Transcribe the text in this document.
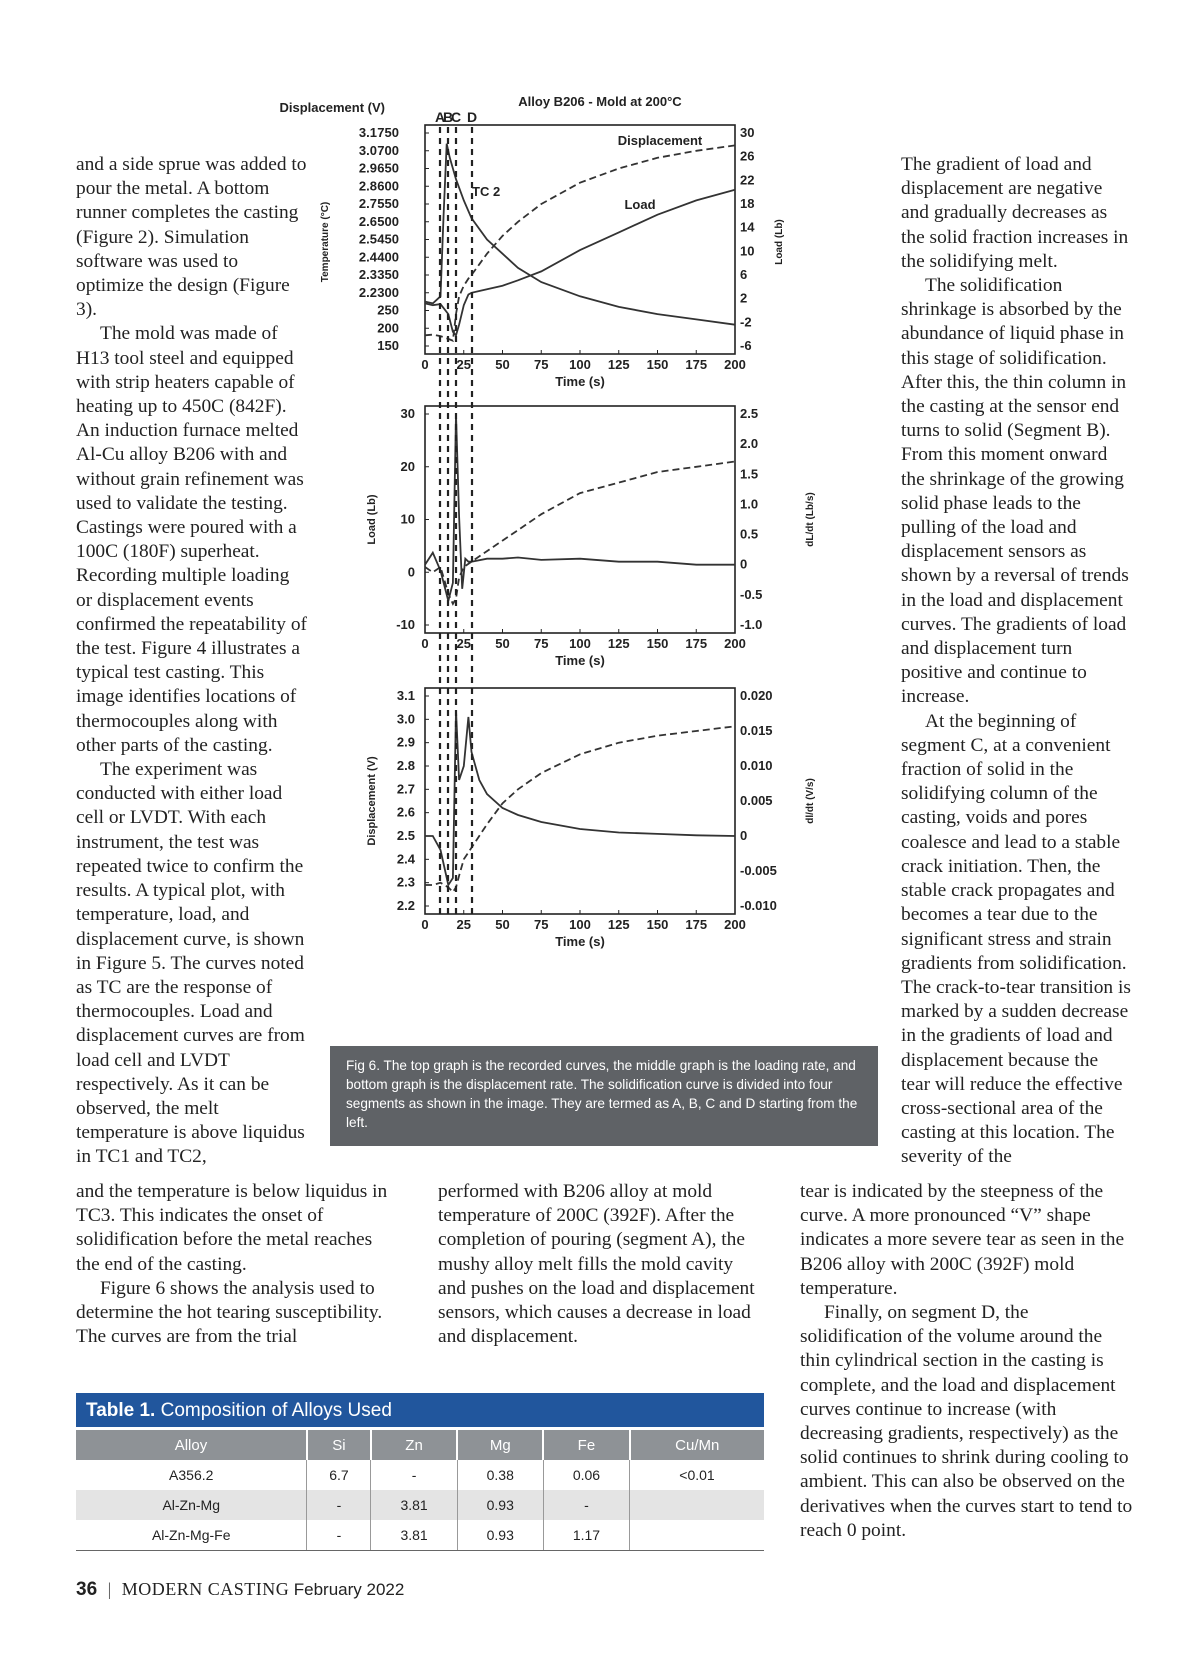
and a side sprue was added to pour the metal. A bottom runner completes the casting (Figure 2). Simulation software was used to optimize the design (Figure 3).

The mold was made of H13 tool steel and equipped with strip heaters capable of heating up to 450C (842F). An induction furnace melted Al-Cu alloy B206 with and without grain refinement was used to validate the testing. Castings were poured with a 100C (180F) superheat. Recording multiple loading or displacement events confirmed the repeatability of the test. Figure 4 illustrates a typical test casting. This image identifies locations of thermocouples along with other parts of the casting.

The experiment was conducted with either load cell or LVDT. With each instrument, the test was repeated twice to confirm the results. A typical plot, with temperature, load, and displacement curve, is shown in Figure 5. The curves noted as TC are the response of thermocouples. Load and displacement curves are from load cell and LVDT respectively. As it can be observed, the melt temperature is above liquidus in TC1 and TC2,

and the temperature is below liquidus in TC3. This indicates the onset of solidification before the metal reaches the end of the casting.

Figure 6 shows the analysis used to determine the hot tearing susceptibility. The curves are from the trial

performed with B206 alloy at mold temperature of 200C (392F). After the completion of pouring (segment A), the mushy alloy melt fills the mold cavity and pushes on the load and displacement sensors, which causes a decrease in load and displacement.

The gradient of load and displacement are negative and gradually decreases as the solid fraction increases in the solidifying melt.

The solidification shrinkage is absorbed by the abundance of liquid phase in this stage of solidification. After this, the thin column in the casting at the sensor end turns to solid (Segment B). From this moment onward the shrinkage of the growing solid phase leads to the pulling of the load and displacement sensors as shown by a reversal of trends in the load and displacement curves. The gradients of load and displacement turn positive and continue to increase.

At the beginning of segment C, at a convenient fraction of solid in the solidifying column of the casting, voids and pores coalesce and lead to a stable crack initiation. Then, the stable crack propagates and becomes a tear due to the significant stress and strain gradients from solidification. The crack-to-tear transition is marked by a sudden decrease in the gradients of load and displacement because the tear will reduce the effective cross-sectional area of the casting at this location. The severity of the

tear is indicated by the steepness of the curve. A more pronounced “V” shape indicates a more severe tear as seen in the B206 alloy with 200C (392F) mold temperature.

Finally, on segment D, the solidification of the volume around the thin cylindrical section in the casting is complete, and the load and displacement curves continue to increase (with decreasing gradients, respectively) as the solid continues to shrink during cooling to ambient. This can also be observed on the derivatives when the curves start to tend to reach 0 point.

0 25 50 75 100 125 150 175 200
Time (s)
750
700
650
600
550
500
450
400
350
300
250
200
150
30
26
22
18
14
10
6
2
-2
-6
Temperature (°C)	Load (Lb)
3.1
3.0
2.9
2.8
2.7
2.6
2.5
2.4
2.3
2.2
Displacement (V)	Alloy B206 - Mold at 200°C
0 25 50 75 100 125 150 175 200
Time (s)
30
20
10
0
-10
2.5
2.0
1.5
1.0
0.5
0
-0.5
-1.0
Load (Lb)	dL/dt (Lb/s)
0 25 50 75 100 125 150 175 200
Time (s)
3.1
3.0
2.9
2.8
2.7
2.6
2.5
2.4
2.3
2.2
0.020
0.015
0.010
0.005
0
-0.005
-0.010
Displacement (V)	dl/dt (V/s)
Displacement
Load
TC 2
A
B
C D
Fig 6. The top graph is the recorded curves, the middle graph is the loading rate, and bottom graph is the displacement rate. The solidification curve is divided into four segments as shown in the image. They are termed as A, B, C and D starting from the left.
Table 1. Composition of Alloys Used
Alloy	Si	Zn	Mg	Fe	Cu/Mn
A356.2	6.7	-	0.38	0.06	<0.01
Al-Zn-Mg	-	3.81	0.93	-	
Al-Zn-Mg-Fe	-	3.81	0.93	1.17	
36 | MODERN CASTING February 2022
